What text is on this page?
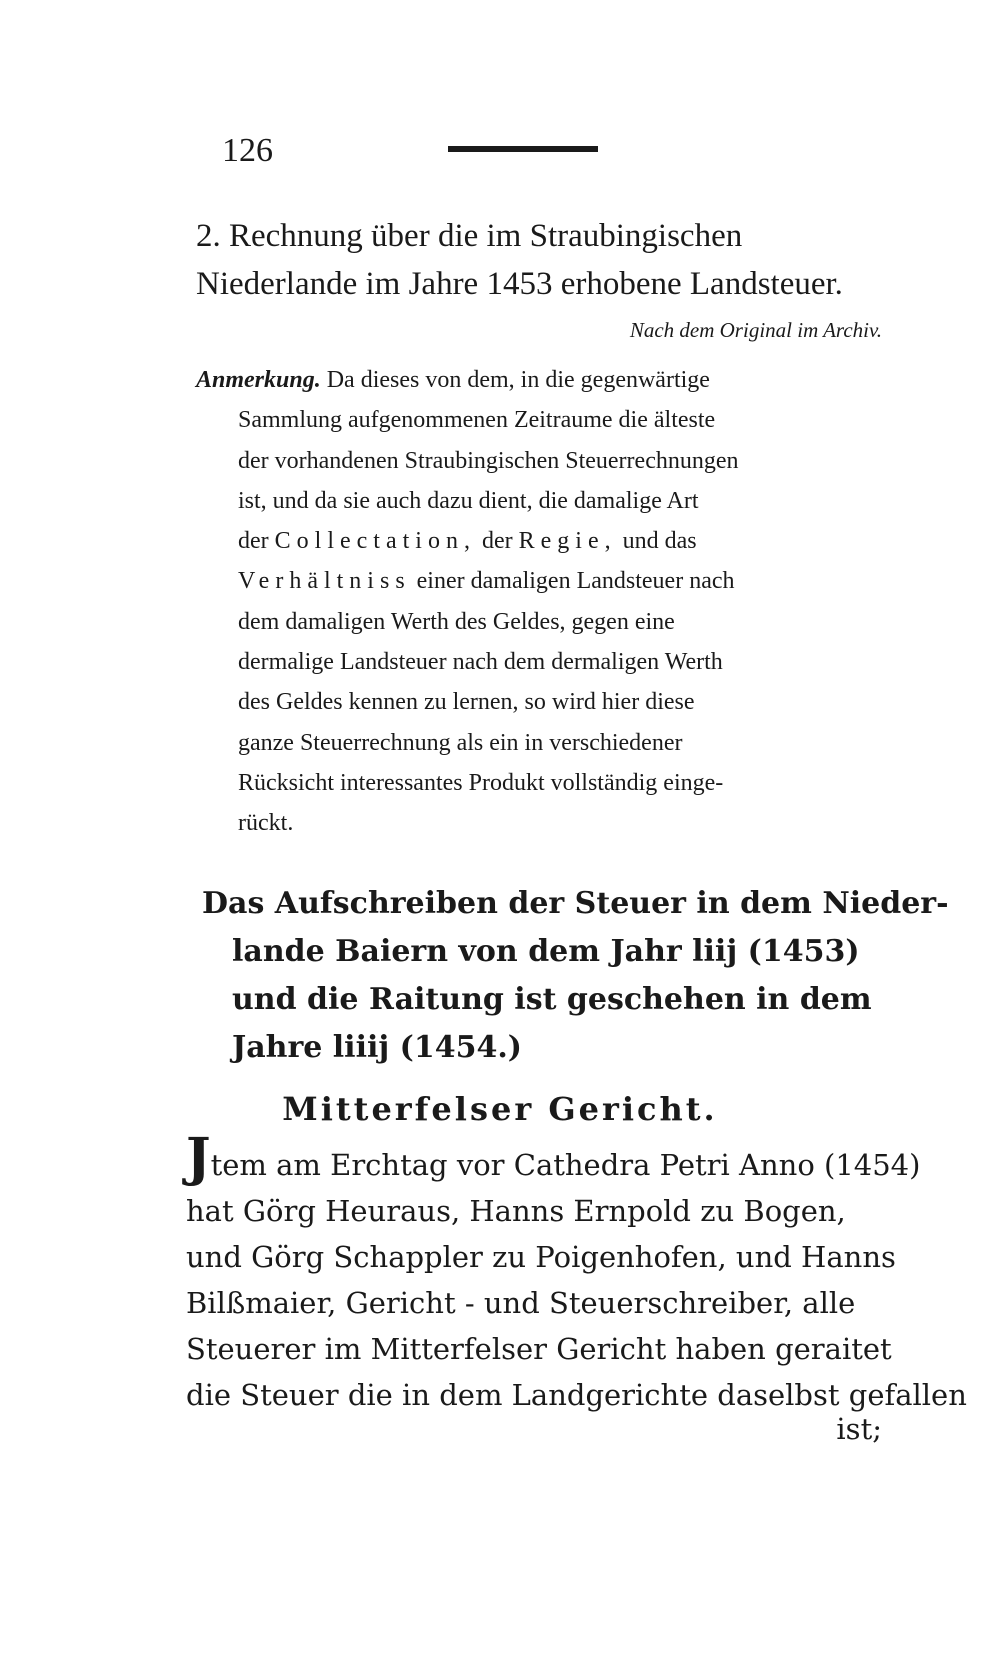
126
2. Rechnung über die im Straubingischen
Niederlande im Jahre 1453 erhobene Landsteuer.
Nach dem Original im Archiv.
Anmerkung. Da dieses von dem, in die gegenwärtige
Sammlung aufgenommenen Zeitraume die älteste
der vorhandenen Straubingischen Steuerrechnungen
ist, und da sie auch dazu dient, die damalige Art
der Collectation, der Regie, und das
Verhältniss einer damaligen Landsteuer nach
dem damaligen Werth des Geldes, gegen eine
dermalige Landsteuer nach dem dermaligen Werth
des Geldes kennen zu lernen, so wird hier diese
ganze Steuerrechnung als ein in verschiedener
Rücksicht interessantes Produkt vollständig einge-
rückt.
Das Aufschreiben der Steuer in dem Nieder-
lande Baiern von dem Jahr liij (1453)
und die Raitung ist geschehen in dem
Jahre liiij (1454.)
Mitterfelser Gericht.
Jtem am Erchtag vor Cathedra Petri Anno (1454)
hat Görg Heuraus, Hanns Ernpold zu Bogen,
und Görg Schappler zu Poigenhofen, und Hanns
Bilßmaier, Gericht - und Steuerschreiber, alle
Steuerer im Mitterfelser Gericht haben geraitet
die Steuer die in dem Landgerichte daselbst gefallen
ist;
